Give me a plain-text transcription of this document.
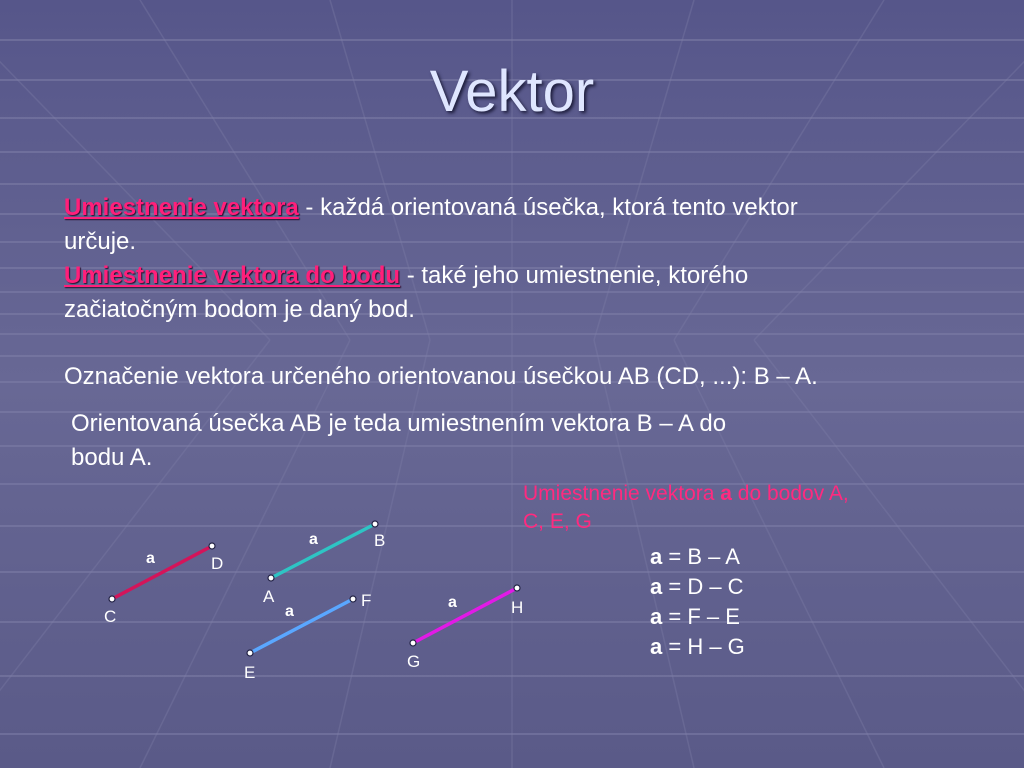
Vektor
Umiestnenie vektora - každá orientovaná úsečka, ktorá tento vektor
určuje.
Umiestnenie vektora do bodu - také jeho umiestnenie, ktorého
začiatočným bodom je daný bod.
Označenie vektora určeného orientovanou úsečkou AB (CD, ...): B – A.
Orientovaná úsečka AB je teda umiestnením vektora B – A do
bodu A.
Umiestnenie vektora a do bodov A,
C, E, G
a = B – A
a = D – C
a = F – E
a = H – G
C
D
A
B
E
F
G
H
a
a
a
a
